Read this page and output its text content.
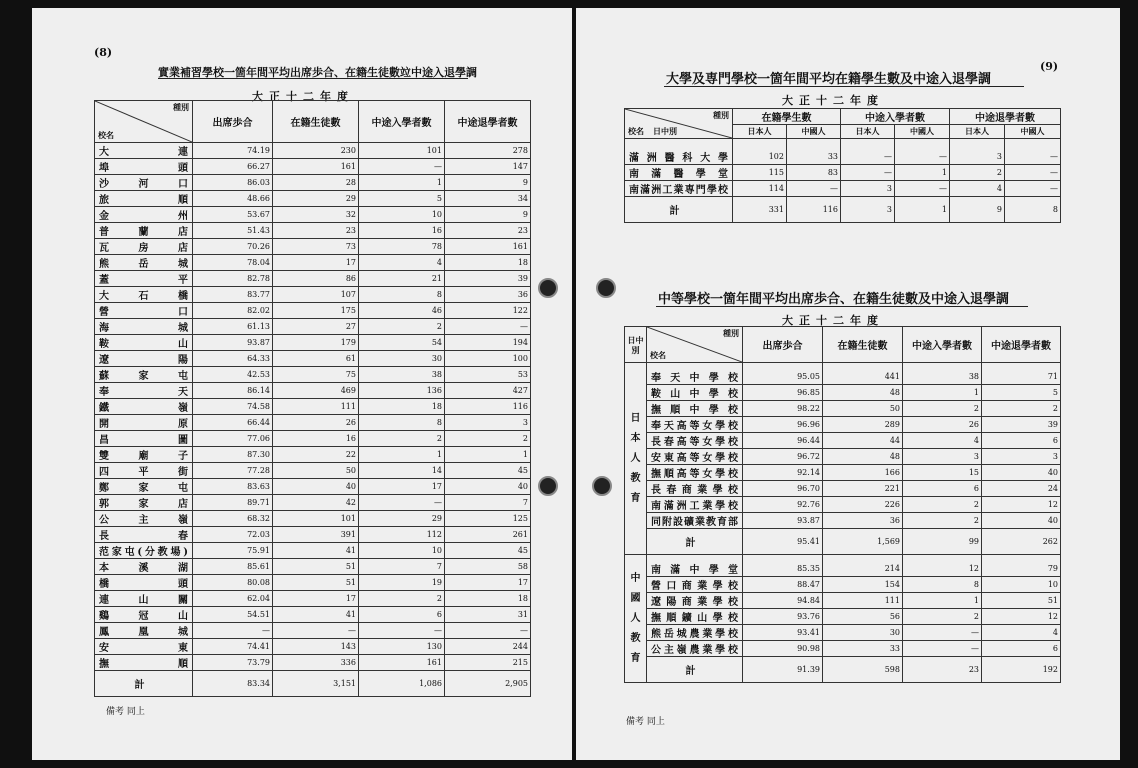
(8)
實業補習學校一箇年間平均出席歩合、在籍生徒數竝中途入退學調
大正十二年度
種別
校名	出席歩合	在籍生徒數	中途入學者數	中途退學者數
大連	74.19	230	101	278
埠頭	66.27	161	—	147
沙河口	86.03	28	1	9
旅順	48.66	29	5	34
金州	53.67	32	10	9
普蘭店	51.43	23	16	23
瓦房店	70.26	73	78	161
熊岳城	78.04	17	4	18
蓋平	82.78	86	21	39
大石橋	83.77	107	8	36
營口	82.02	175	46	122
海城	61.13	27	2	—
鞍山	93.87	179	54	194
遼陽	64.33	61	30	100
蘇家屯	42.53	75	38	53
奉天	86.14	469	136	427
鐵嶺	74.58	111	18	116
開原	66.44	26	8	3
昌圖	77.06	16	2	2
雙廟子	87.30	22	1	1
四平街	77.28	50	14	45
鄭家屯	83.63	40	17	40
郭家店	89.71	42	—	7
公主嶺	68.32	101	29	125
長春	72.03	391	112	261
范家屯(分教場)	75.91	41	10	45
本溪湖	85.61	51	7	58
橋頭	80.08	51	19	17
連山關	62.04	17	2	18
鷄冠山	54.51	41	6	31
鳳凰城	—	—	—	—
安東	74.41	143	130	244
撫順	73.79	336	161	215
計	83.34	3,151	1,086	2,905
備考 同上
(9)
大學及専門學校一箇年間平均在籍學生數及中途入退學調
大正十二年度
種別
校名 日中別	在籍學生數		中途入學者數		中途退學者數	
	日本人	中國人	日本人	中國人	日本人	中國人
滿洲醫科大學	102	33	—	—	3	—
南滿醫學堂	115	83	—	1	2	—
南滿洲工業専門學校	114	—	3	—	4	—
計	331	116	3	1	9	8
中等學校一箇年間平均出席歩合、在籍生徒數及中途入退學調
大正十二年度
日中別	種別
校名	出席歩合	在籍生徒數	中途入學者數	中途退學者數

日
本
人
教
育	奉天中學校	95.05	441	38	71
	鞍山中學校	96.85	48	1	5
	撫順中學校	98.22	50	2	2
	奉天高等女學校	96.96	289	26	39
	長春高等女學校	96.44	44	4	6
	安東高等女學校	96.72	48	3	3
	撫順高等女學校	92.14	166	15	40
	長春商業學校	96.70	221	6	24
	南滿洲工業學校	92.76	226	2	12
	同附設礦業教育部	93.87	36	2	40
	計	95.41	1,569	99	262

中
國
人
教
育	南滿中學堂	85.35	214	12	79
	營口商業學校	88.47	154	8	10
	遼陽商業學校	94.84	111	1	51
	撫順鑛山學校	93.76	56	2	12
	熊岳城農業學校	93.41	30	—	4
	公主嶺農業學校	90.98	33	—	6
	計	91.39	598	23	192
備考 同上
